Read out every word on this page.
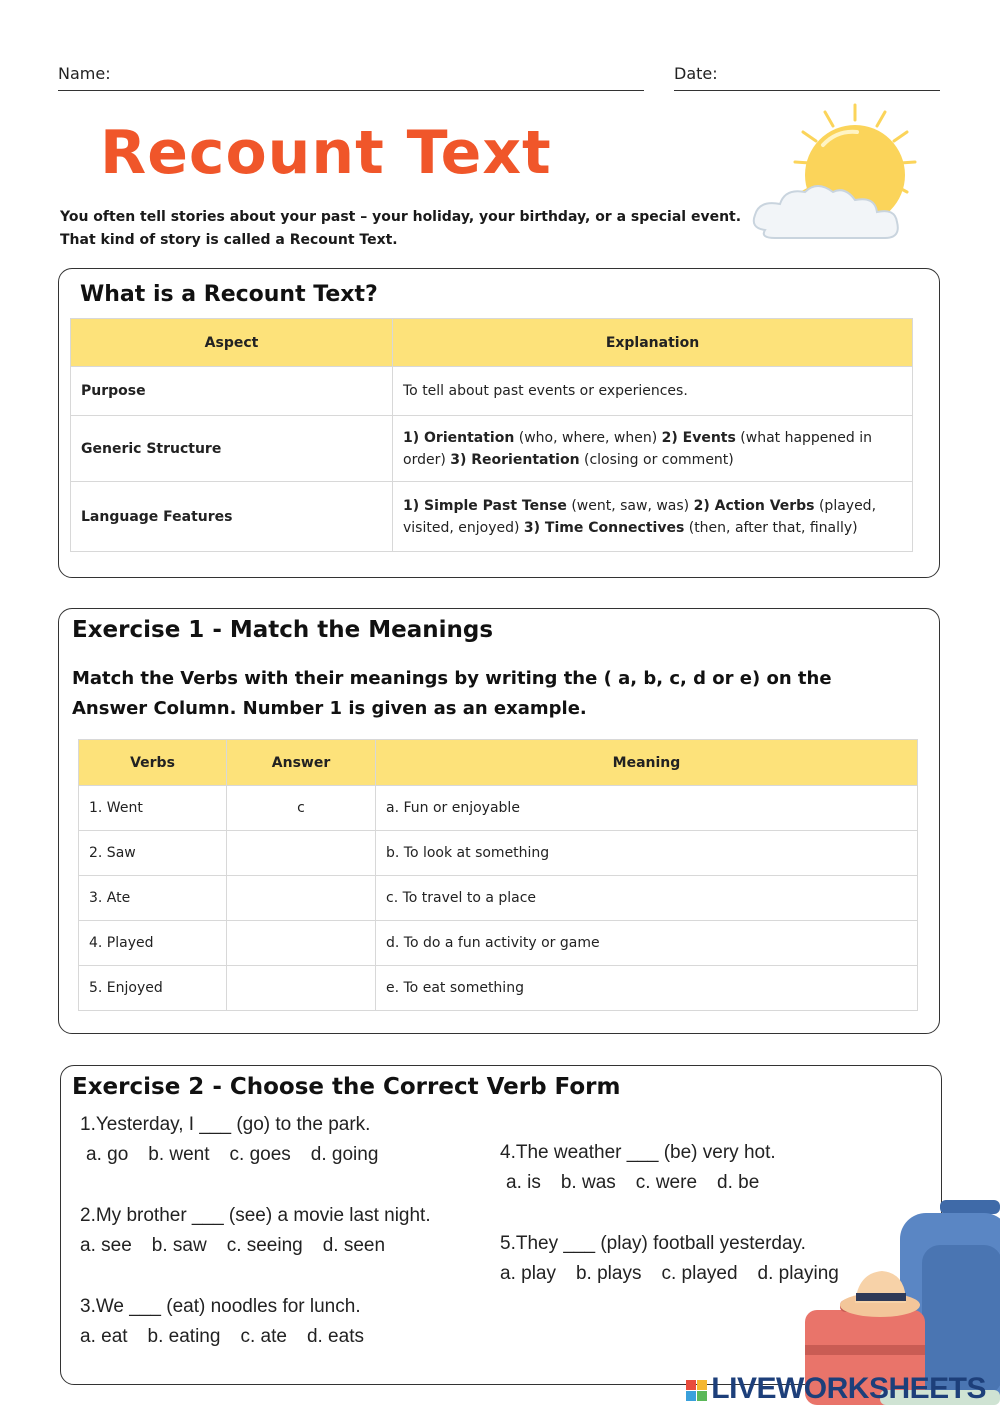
Name:	Date:
Recount Text
You often tell stories about your past – your holiday, your birthday, or a special event.
That kind of story is called a Recount Text.
What is a Recount Text?
Aspect	Explanation
Purpose	To tell about past events or experiences.
Generic Structure	1) Orientation (who, where, when) 2) Events (what happened in order) 3) Reorientation (closing or comment)
Language Features	1) Simple Past Tense (went, saw, was) 2) Action Verbs (played, visited, enjoyed) 3) Time Connectives (then, after that, finally)
Exercise 1 - Match the Meanings
Match the Verbs with their meanings by writing the ( a, b, c, d or e) on the
Answer Column. Number 1 is given as an example.
Verbs	Answer	Meaning
1. Went	c	a. Fun or enjoyable
2. Saw		b. To look at something
3. Ate		c. To travel to a place
4. Played		d. To do a fun activity or game
5. Enjoyed		e. To eat something
Exercise 2 - Choose the Correct Verb Form
1.Yesterday, I ___ (go) to the park.
a. go b. went c. goes d. going
2.My brother ___ (see) a movie last night.
a. see b. saw c. seeing d. seen
3.We ___ (eat) noodles for lunch.
a. eat b. eating c. ate d. eats
4.The weather ___ (be) very hot.
a. is b. was c. were d. be
5.They ___ (play) football yesterday.
a. play b. plays c. played d. playing
LIVEWORKSHEETS
